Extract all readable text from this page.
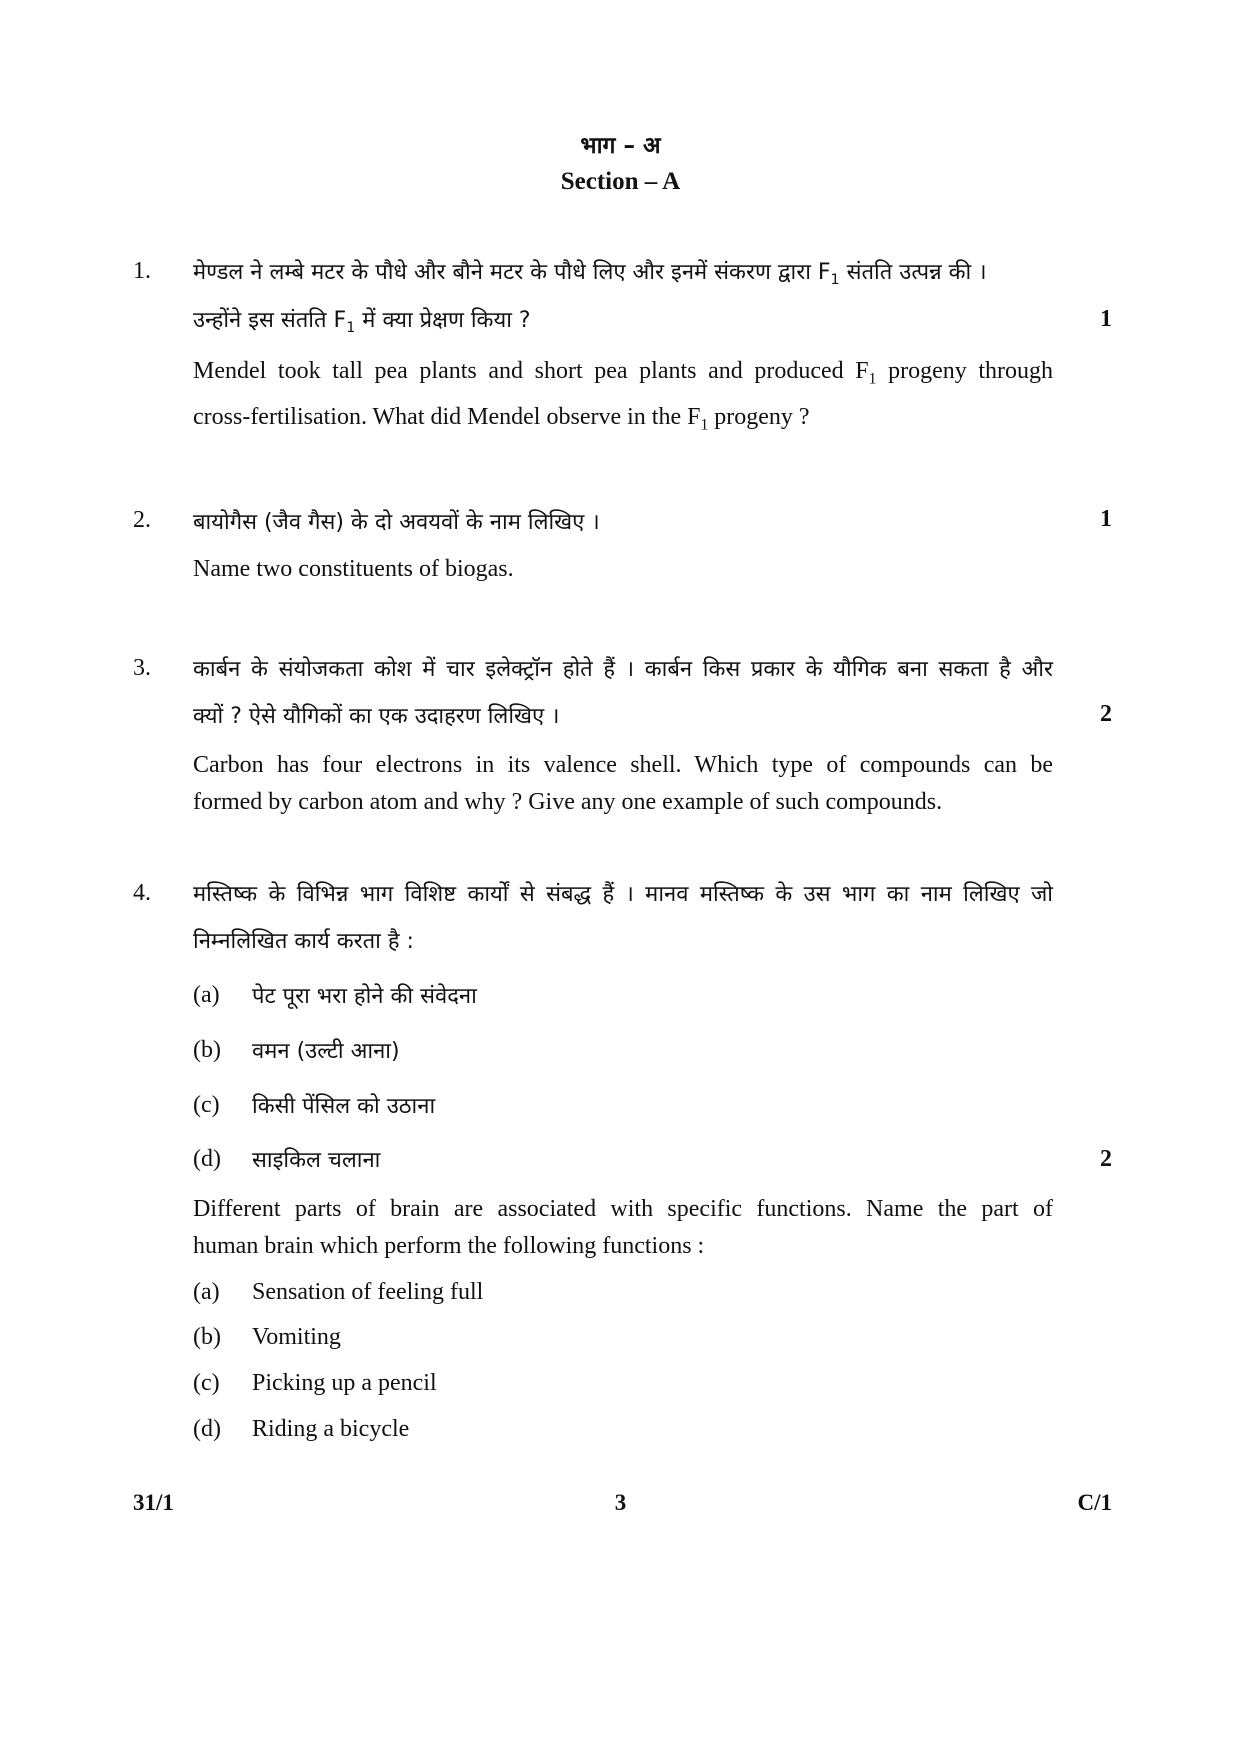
भाग – अ
Section – A
1. मेण्डल ने लम्बे मटर के पौधे और बौने मटर के पौधे लिए और इनमें संकरण द्वारा $F_1$ संतति उत्पन्न की ।
उन्होंने इस संतति $F_1$ में क्या प्रेक्षण किया ?	1
Mendel took tall pea plants and short pea plants and produced $F_1$ progeny through
cross-fertilisation. What did Mendel observe in the $F_1$ progeny ?
2. बायोगैस (जैव गैस) के दो अवयवों के नाम लिखिए ।	1
Name two constituents of biogas.
3. कार्बन के संयोजकता कोश में चार इलेक्ट्रॉन होते हैं । कार्बन किस प्रकार के यौगिक बना सकता है और
क्यों ? ऐसे यौगिकों का एक उदाहरण लिखिए ।	2
Carbon has four electrons in its valence shell. Which type of compounds can be
formed by carbon atom and why ? Give any one example of such compounds.
4. मस्तिष्क के विभिन्न भाग विशिष्ट कार्यों से संबद्ध हैं । मानव मस्तिष्क के उस भाग का नाम लिखिए जो
निम्नलिखित कार्य करता है :
(a) पेट पूरा भरा होने की संवेदना
(b) वमन (उल्टी आना)
(c) किसी पेंसिल को उठाना
(d) साइकिल चलाना	2
Different parts of brain are associated with specific functions. Name the part of
human brain which perform the following functions :
(a) Sensation of feeling full
(b) Vomiting
(c) Picking up a pencil
(d) Riding a bicycle
31/1	3	C/1
